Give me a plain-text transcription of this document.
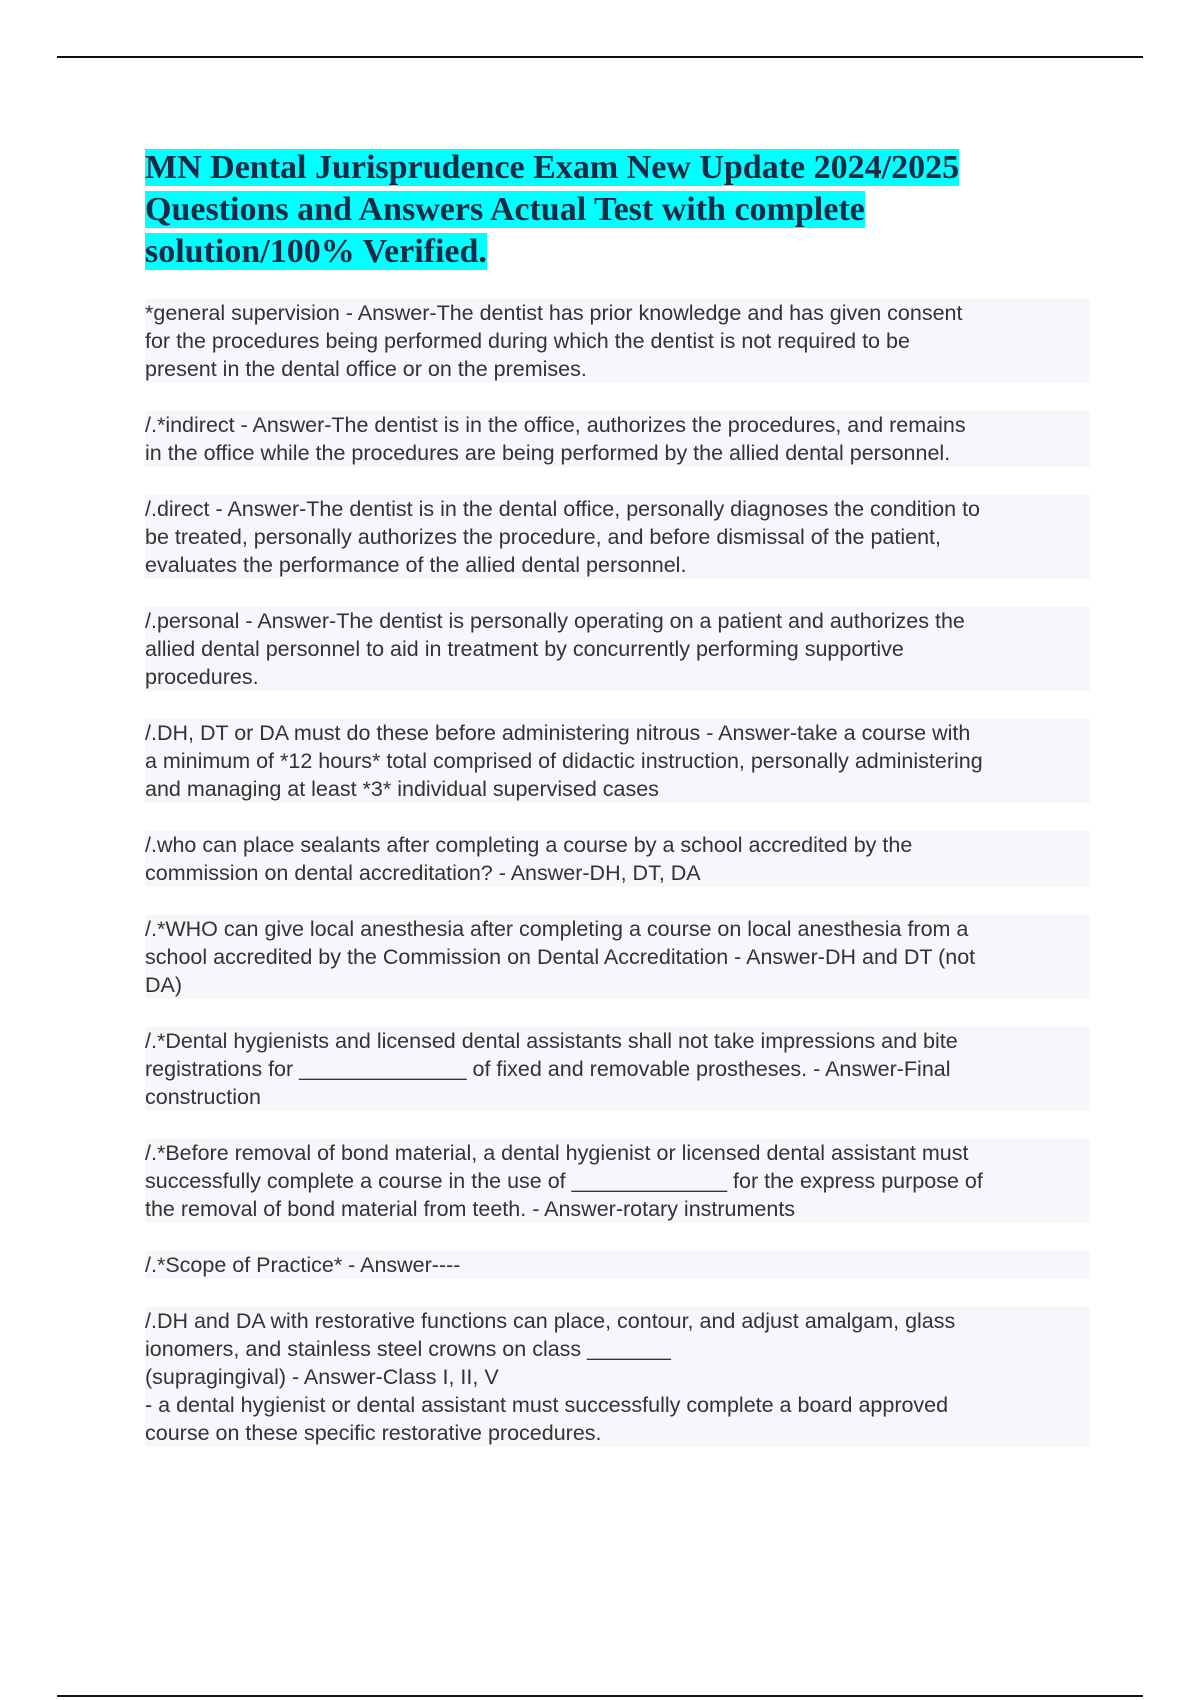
MN Dental Jurisprudence Exam New Update 2024/2025
Questions and Answers Actual Test with complete
solution/100% Verified.
*general supervision - Answer-The dentist has prior knowledge and has given consent
for the procedures being performed during which the dentist is not required to be
present in the dental office or on the premises.
/.*indirect - Answer-The dentist is in the office, authorizes the procedures, and remains
in the office while the procedures are being performed by the allied dental personnel.
/.direct - Answer-The dentist is in the dental office, personally diagnoses the condition to
be treated, personally authorizes the procedure, and before dismissal of the patient,
evaluates the performance of the allied dental personnel.
/.personal - Answer-The dentist is personally operating on a patient and authorizes the
allied dental personnel to aid in treatment by concurrently performing supportive
procedures.
/.DH, DT or DA must do these before administering nitrous - Answer-take a course with
a minimum of *12 hours* total comprised of didactic instruction, personally administering
and managing at least *3* individual supervised cases
/.who can place sealants after completing a course by a school accredited by the
commission on dental accreditation? - Answer-DH, DT, DA
/.*WHO can give local anesthesia after completing a course on local anesthesia from a
school accredited by the Commission on Dental Accreditation - Answer-DH and DT (not
DA)
/.*Dental hygienists and licensed dental assistants shall not take impressions and bite
registrations for ______________ of fixed and removable prostheses. - Answer-Final
construction
/.*Before removal of bond material, a dental hygienist or licensed dental assistant must
successfully complete a course in the use of _____________ for the express purpose of
the removal of bond material from teeth. - Answer-rotary instruments
/.*Scope of Practice* - Answer----
/.DH and DA with restorative functions can place, contour, and adjust amalgam, glass
ionomers, and stainless steel crowns on class _______
(supragingival) - Answer-Class I, II, V
- a dental hygienist or dental assistant must successfully complete a board approved
course on these specific restorative procedures.
